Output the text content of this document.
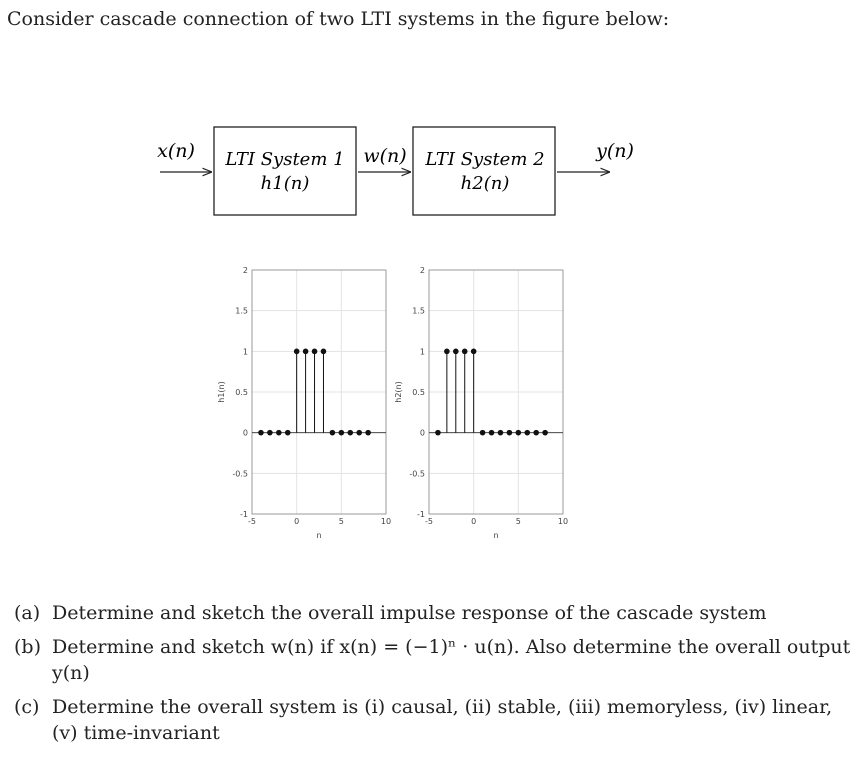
Consider cascade connection of two LTI systems in the figure below:

x(n) LTI System 1
h1(n)
w(n) LTI System 2
h2(n)
y(n)
-5	0	5	10
-1
-0.5
0
0.5
1
1.5
2
n
h1(n)
-5	0	5	10
-1
-0.5
0
0.5
1
1.5
2
n
h2(n)
(a) Determine and sketch the overall impulse response of the cascade system
(b) Determine and sketch w(n) if x(n) = (−1)ⁿ · u(n). Also determine the overall output y(n)
(c) Determine the overall system is (i) causal, (ii) stable, (iii) memoryless, (iv) linear, (v) time-invariant
